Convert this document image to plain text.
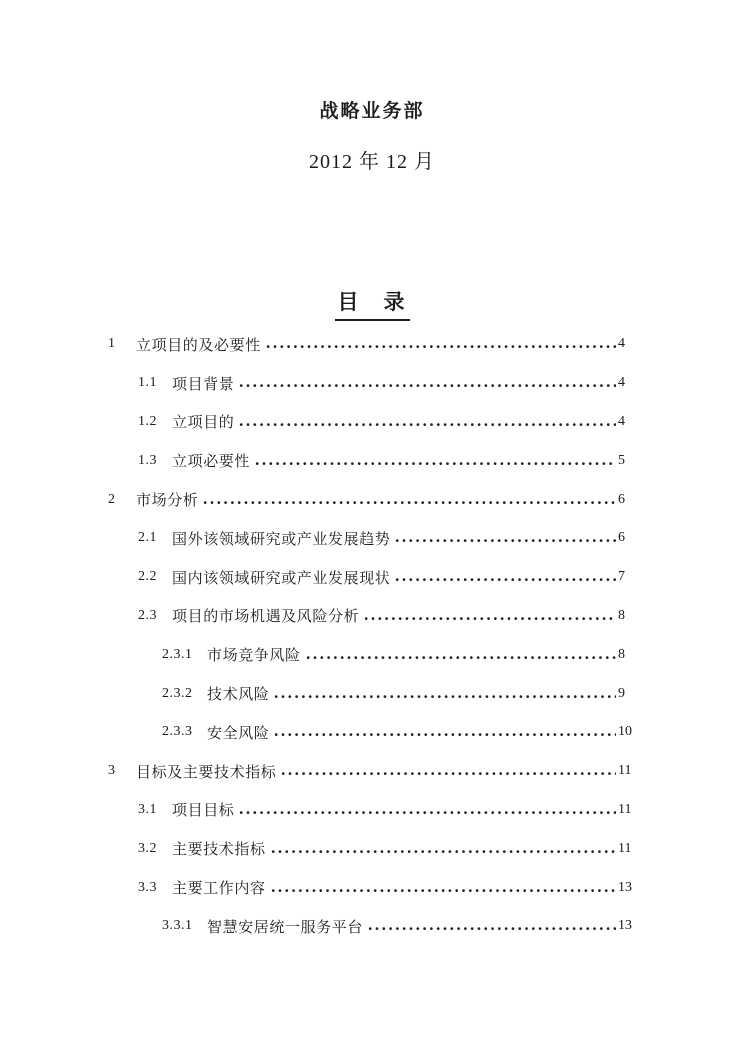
战略业务部
2012 年 12 月
目　录
1	立项目的及必要性	4
1.1	项目背景	4
1.2	立项目的	4
1.3	立项必要性	5
2	市场分析	6
2.1	国外该领域研究或产业发展趋势	6
2.2	国内该领域研究或产业发展现状	7
2.3	项目的市场机遇及风险分析	8
2.3.1 市场竞争风险	8
2.3.2 技术风险	9
2.3.3 安全风险	10
3	目标及主要技术指标	11
3.1	项目目标	11
3.2	主要技术指标	11
3.3	主要工作内容	13
3.3.1 智慧安居统一服务平台	13
